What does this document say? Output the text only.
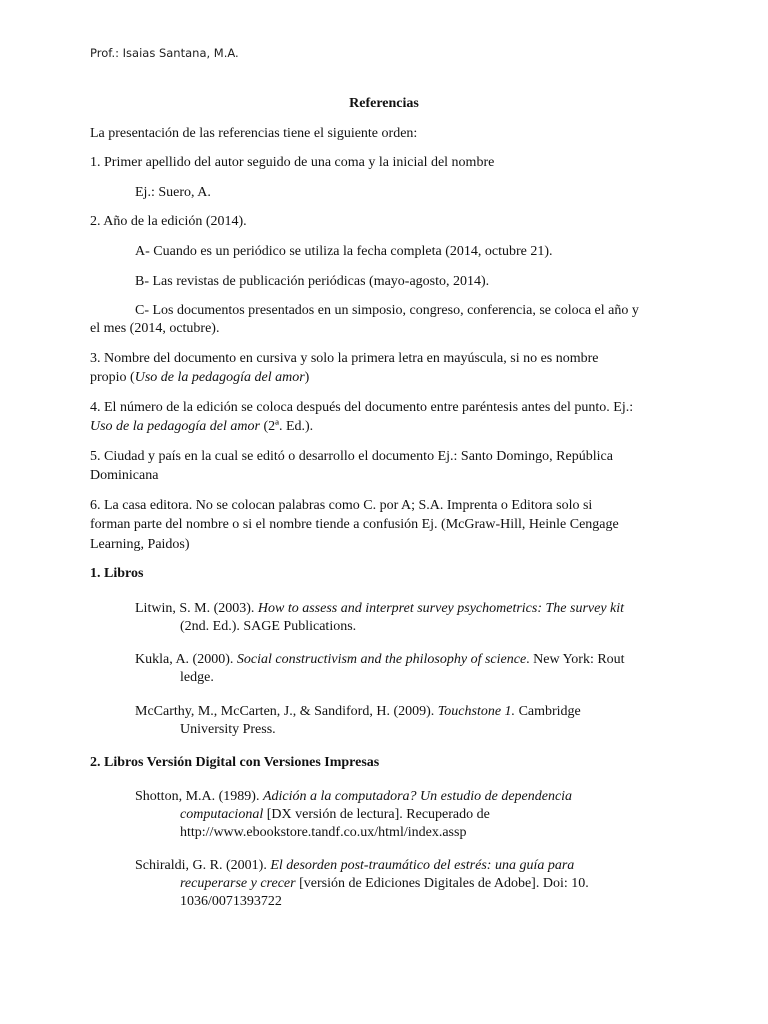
Prof.: Isaias Santana, M.A.
Referencias
La presentación de las referencias tiene el siguiente orden:
1. Primer apellido del autor seguido de una coma y la inicial del nombre
Ej.: Suero, A.
2. Año de la edición (2014).
A- Cuando es un periódico se utiliza la fecha completa (2014, octubre 21).
B- Las revistas de publicación periódicas (mayo-agosto, 2014).
C- Los documentos presentados en un simposio, congreso, conferencia, se coloca el año y
el mes (2014, octubre).
3. Nombre del documento en cursiva y solo la primera letra en mayúscula, si no es nombre
propio (Uso de la pedagogía del amor)
4. El número de la edición se coloca después del documento entre paréntesis antes del punto. Ej.:
Uso de la pedagogía del amor (2ª. Ed.).
5. Ciudad y país en la cual se editó o desarrollo el documento Ej.: Santo Domingo, República
Dominicana
6. La casa editora. No se colocan palabras como C. por A; S.A. Imprenta o Editora solo si
forman parte del nombre o si el nombre tiende a confusión Ej. (McGraw-Hill, Heinle Cengage
Learning, Paidos)
1. Libros
Litwin, S. M. (2003). How to assess and interpret survey psychometrics: The survey kit
(2nd. Ed.). SAGE Publications.
Kukla, A. (2000). Social constructivism and the philosophy of science. New York: Rout
ledge.
McCarthy, M., McCarten, J., & Sandiford, H. (2009). Touchstone 1. Cambridge
University Press.
2. Libros Versión Digital con Versiones Impresas
Shotton, M.A. (1989). Adición a la computadora? Un estudio de dependencia
computacional [DX versión de lectura]. Recuperado de
http://www.ebookstore.tandf.co.ux/html/index.assp
Schiraldi, G. R. (2001). El desorden post-traumático del estrés: una guía para
recuperarse y crecer [versión de Ediciones Digitales de Adobe]. Doi: 10.
1036/0071393722
